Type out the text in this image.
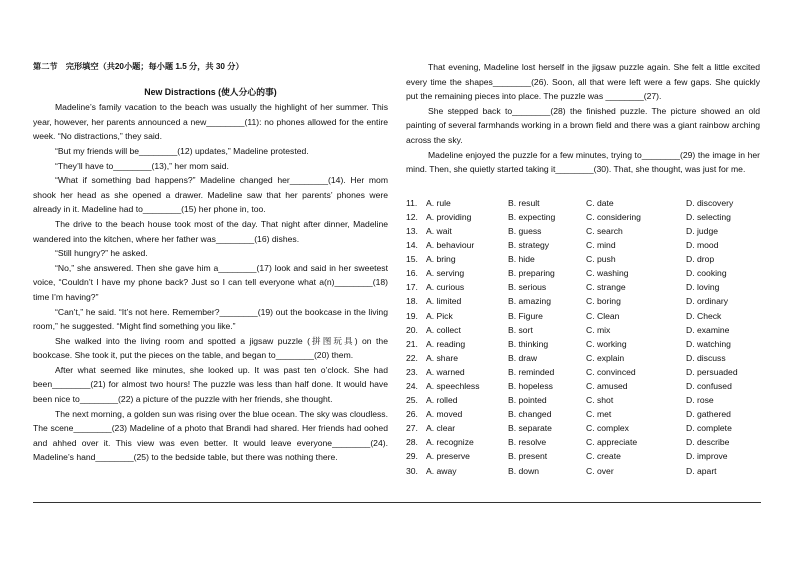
第二节　完形填空（共20小题；每小题 1.5 分，共 30 分）
New Distractions (使人分心的事)

Madeline’s family vacation to the beach was usually the highlight of her summer. This year, however, her parents announced a new________(11): no phones allowed for the entire week. “No distractions,” they said.

“But my friends will be________(12) updates,” Madeline protested.

“They’ll have to________(13),” her mom said.

“What if something bad happens?” Madeline changed her________(14). Her mom shook her head as she opened a drawer. Madeline saw that her parents’ phones were already in it. Madeline had to________(15) her phone in, too.

The drive to the beach house took most of the day. That night after dinner, Madeline wandered into the kitchen, where her father was________(16) dishes.

“Still hungry?” he asked.

“No,” she answered. Then she gave him a________(17) look and said in her sweetest voice, “Couldn’t I have my phone back? Just so I can tell everyone what a(n)________(18) time I’m having?”

“Can’t,” he said. “It’s not here. Remember?________(19) out the bookcase in the living room,” he suggested. “Might find something you like.”

She walked into the living room and spotted a jigsaw puzzle (拼图玩具) on the bookcase. She took it, put the pieces on the table, and began to________(20) them.

After what seemed like minutes, she looked up. It was past ten o’clock. She had been________(21) for almost two hours! The puzzle was less than half done. It would have been nice to________(22) a picture of the puzzle with her friends, she thought.

The next morning, a golden sun was rising over the blue ocean. The sky was cloudless. The scene________(23) Madeline of a photo that Brandi had shared. Her friends had oohed and ahhed over it. This view was even better. It would leave everyone________(24). Madeline’s hand________(25) to the bedside table, but there was nothing there.

That evening, Madeline lost herself in the jigsaw puzzle again. She felt a little excited every time the shapes________(26). Soon, all that were left were a few gaps. She quickly put the remaining pieces into place. The puzzle was ________(27).

She stepped back to________(28) the finished puzzle. The picture showed an old painting of several farmhands working in a brown field and there was a giant rainbow arching across the sky.

Madeline enjoyed the puzzle for a few minutes, trying to________(29) the image in her mind. Then, she quietly started taking it________(30). That, she thought, was just for me.

11.	A. rule	B. result	C. date	D. discovery
12. A. providing	B. expecting	C. considering	D. selecting
13. A. wait	B. guess	C. search	D. judge
14. A. behaviour	B. strategy	C. mind	D. mood
15. A. bring	B. hide	C. push	D. drop
16. A. serving	B. preparing	C. washing	D. cooking
17. A. curious	B. serious	C. strange	D. loving
18. A. limited	B. amazing	C. boring	D. ordinary
19. A. Pick	B. Figure	C. Clean	D. Check
20. A. collect	B. sort	C. mix	D. examine
21. A. reading	B. thinking	C. working	D. watching
22. A. share	B. draw	C. explain	D. discuss
23. A. warned	B. reminded	C. convinced	D. persuaded
24. A. speechless	B. hopeless	C. amused	D. confused
25. A. rolled	B. pointed	C. shot	D. rose
26. A. moved	B. changed	C. met	D. gathered
27. A. clear	B. separate	C. complex	D. complete
28. A. recognize	B. resolve	C. appreciate	D. describe
29. A. preserve	B. present	C. create	D. improve
30. A. away	B. down	C. over	D. apart
